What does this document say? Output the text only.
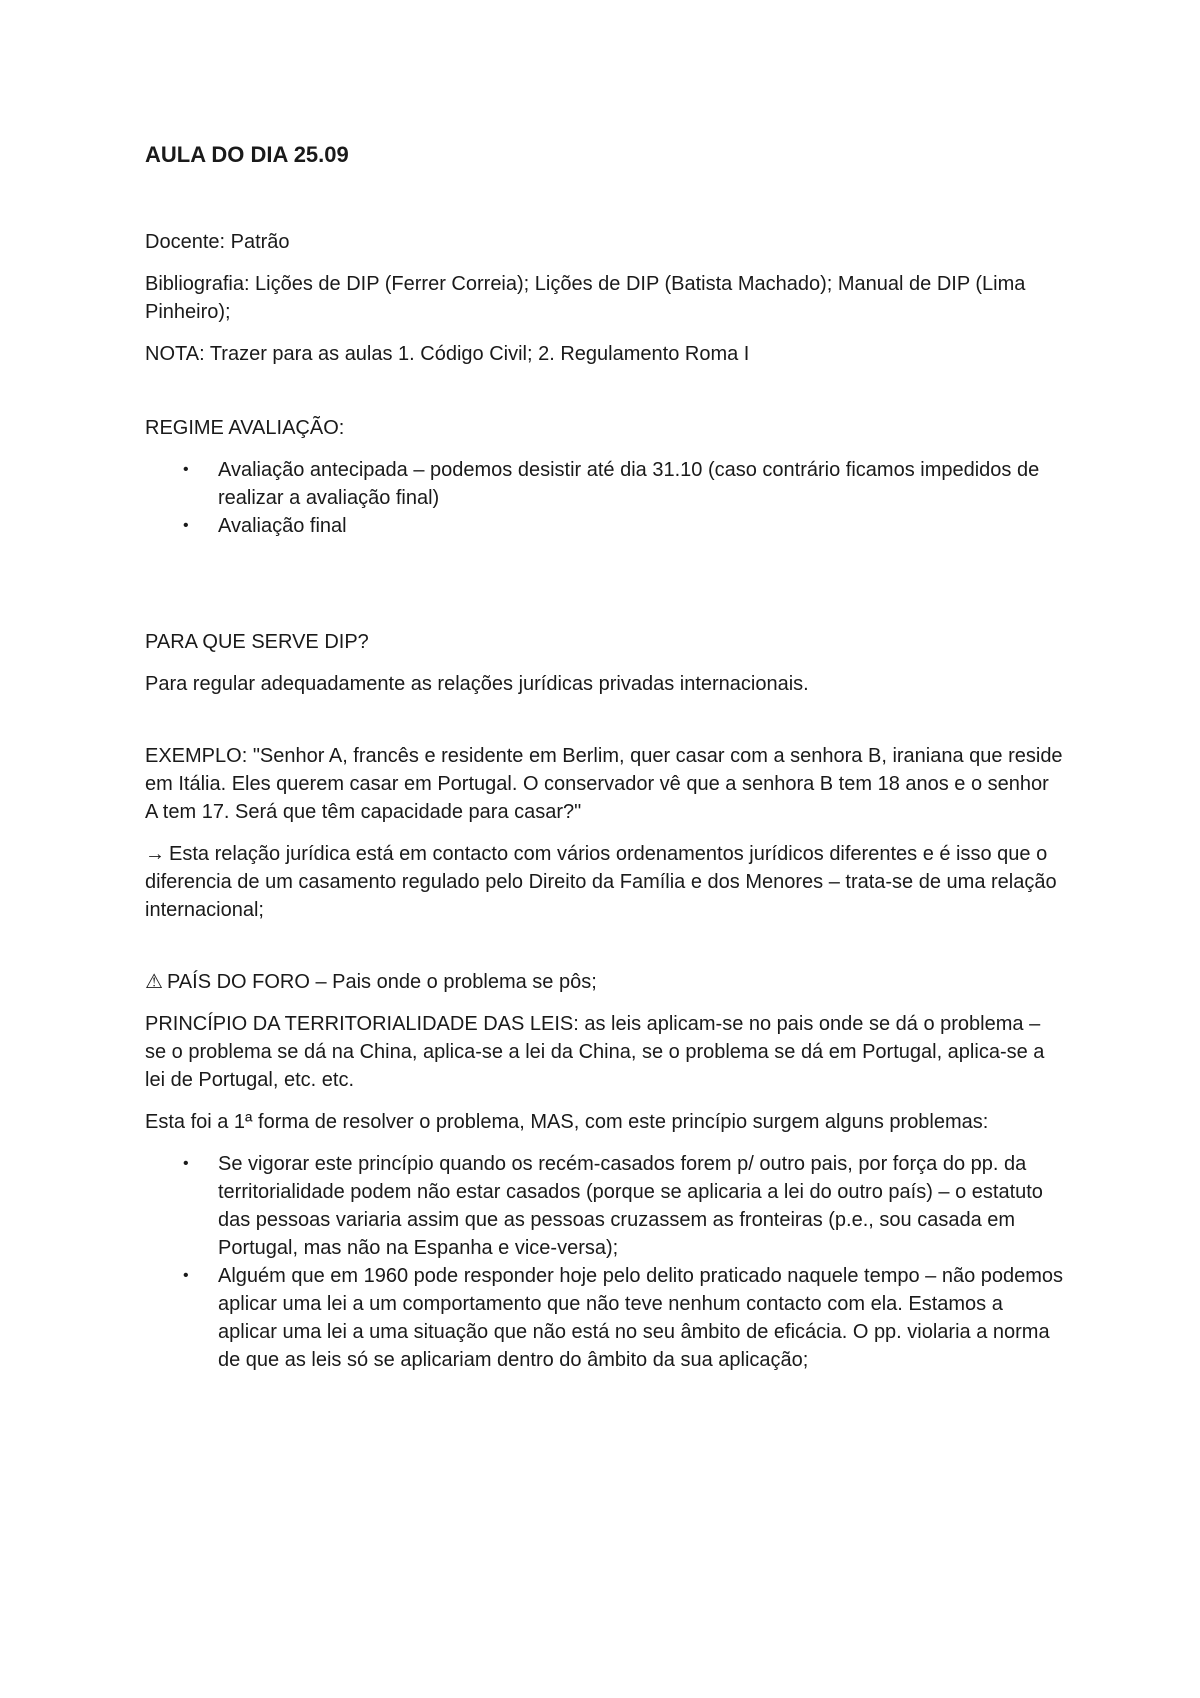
AULA DO DIA 25.09

Docente: Patrão

Bibliografia: Lições de DIP (Ferrer Correia); Lições de DIP (Batista Machado); Manual de DIP (Lima Pinheiro);

NOTA: Trazer para as aulas 1. Código Civil; 2. Regulamento Roma I

REGIME AVALIAÇÃO:

• Avaliação antecipada – podemos desistir até dia 31.10 (caso contrário ficamos impedidos de realizar a avaliação final)
• Avaliação final

PARA QUE SERVE DIP?

Para regular adequadamente as relações jurídicas privadas internacionais.

EXEMPLO: "Senhor A, francês e residente em Berlim, quer casar com a senhora B, iraniana que reside em Itália. Eles querem casar em Portugal. O conservador vê que a senhora B tem 18 anos e o senhor A tem 17. Será que têm capacidade para casar?"

→ Esta relação jurídica está em contacto com vários ordenamentos jurídicos diferentes e é isso que o diferencia de um casamento regulado pelo Direito da Família e dos Menores – trata-se de uma relação internacional;

⚠ PAÍS DO FORO – Pais onde o problema se pôs;

PRINCÍPIO DA TERRITORIALIDADE DAS LEIS: as leis aplicam-se no pais onde se dá o problema – se o problema se dá na China, aplica-se a lei da China, se o problema se dá em Portugal, aplica-se a lei de Portugal, etc. etc.

Esta foi a 1ª forma de resolver o problema, MAS, com este princípio surgem alguns problemas:

• Se vigorar este princípio quando os recém-casados forem p/ outro pais, por força do pp. da territorialidade podem não estar casados (porque se aplicaria a lei do outro país) – o estatuto das pessoas variaria assim que as pessoas cruzassem as fronteiras (p.e., sou casada em Portugal, mas não na Espanha e vice-versa);
• Alguém que em 1960 pode responder hoje pelo delito praticado naquele tempo – não podemos aplicar uma lei a um comportamento que não teve nenhum contacto com ela. Estamos a aplicar uma lei a uma situação que não está no seu âmbito de eficácia. O pp. violaria a norma de que as leis só se aplicariam dentro do âmbito da sua aplicação;
